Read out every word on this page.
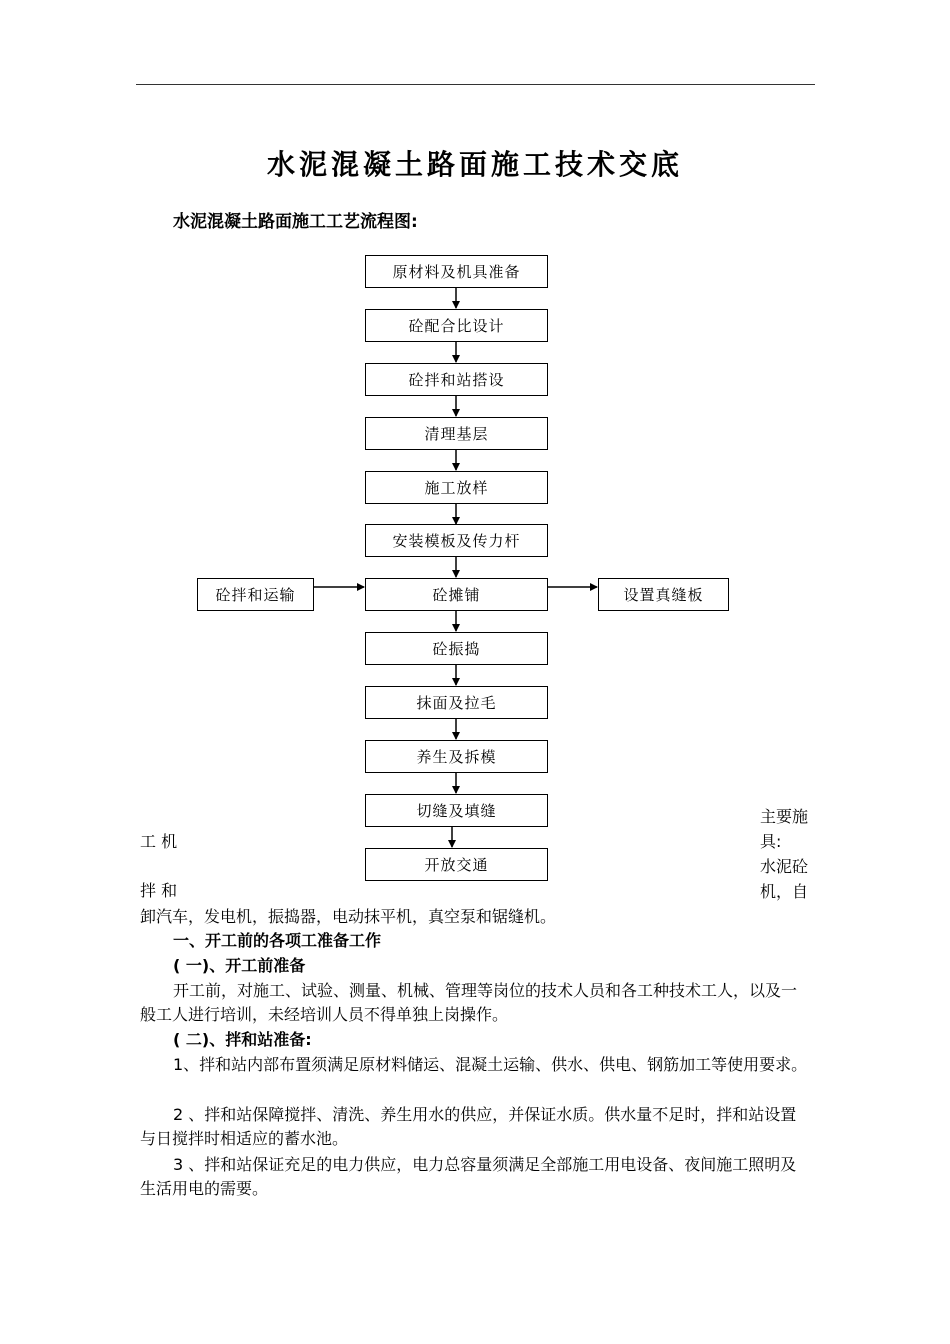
水泥混凝土路面施工技术交底
水泥混凝土路面施工工艺流程图:
原材料及机具准备
砼配合比设计
砼拌和站搭设
清理基层
施工放样
安装模板及传力杆
砼摊铺
砼振捣
抹面及拉毛
养生及拆模
切缝及填缝
开放交通
砼拌和运输	设置真缝板
工 机
拌 和
主要施
具:
水泥砼
机，自
卸汽车，发电机，振捣器，电动抹平机，真空泵和锯缝机。
一、开工前的各项工准备工作
( 一)、开工前准备
开工前，对施工、试验、测量、机械、管理等岗位的技术人员和各工种技术工人，以及一般工人进行培训，未经培训人员不得单独上岗操作。
( 二)、拌和站准备:
1、拌和站内部布置须满足原材料储运、混凝土运输、供水、供电、钢筋加工等使用要求。
2 、拌和站保障搅拌、清洗、养生用水的供应，并保证水质。供水量不足时，拌和站设置与日搅拌时相适应的蓄水池。
3 、拌和站保证充足的电力供应，电力总容量须满足全部施工用电设备、夜间施工照明及生活用电的需要。
